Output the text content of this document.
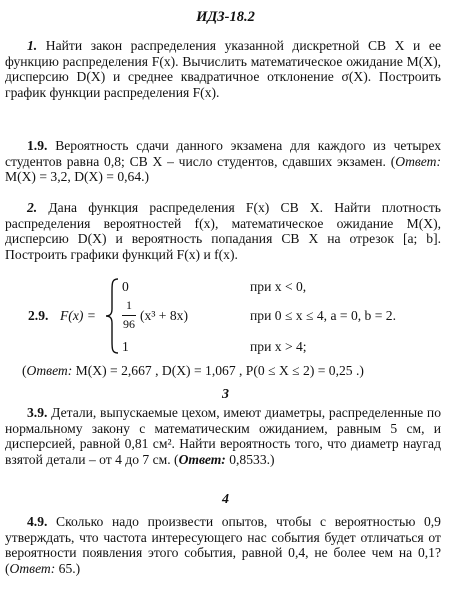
ИДЗ-18.2

1. Найти закон распределения указанной дискретной СВ X и ее функцию распределения F(x). Вычислить математическое ожидание M(X), дисперсию D(X) и среднее квадратичное отклонение σ(X). Построить график функции распределения F(x).

1.9. Вероятность сдачи данного экзамена для каждого из четырех студентов равна 0,8; СВ X – число студентов, сдавших экзамен. (Ответ: M(X) = 3,2, D(X) = 0,64.)

2. Дана функция распределения F(x) СВ X. Найти плотность распределения вероятностей f(x), математическое ожидание M(X), дисперсию D(X) и вероятность попадания СВ X на отрезок [a; b]. Построить графики функций F(x) и f(x).

2.9. F(x) =
0	при x < 0,
1
96
(x³ + 8x)	при 0 ≤ x ≤ 4, a = 0, b = 2.
1	при x > 4;
(Ответ: M(X) = 2,667 , D(X) = 1,067 , P(0 ≤ X ≤ 2) = 0,25 .)
3

3.9. Детали, выпускаемые цехом, имеют диаметры, распределенные по нормальному закону с математическим ожиданием, равным 5 см, и дисперсией, равной 0,81 см². Найти вероятность того, что диаметр наугад взятой детали – от 4 до 7 см. (Ответ: 0,8533.)

4

4.9. Сколько надо произвести опытов, чтобы с вероятностью 0,9 утверждать, что частота интересующего нас события будет отличаться от вероятности появления этого события, равной 0,4, не более чем на 0,1? (Ответ: 65.)
